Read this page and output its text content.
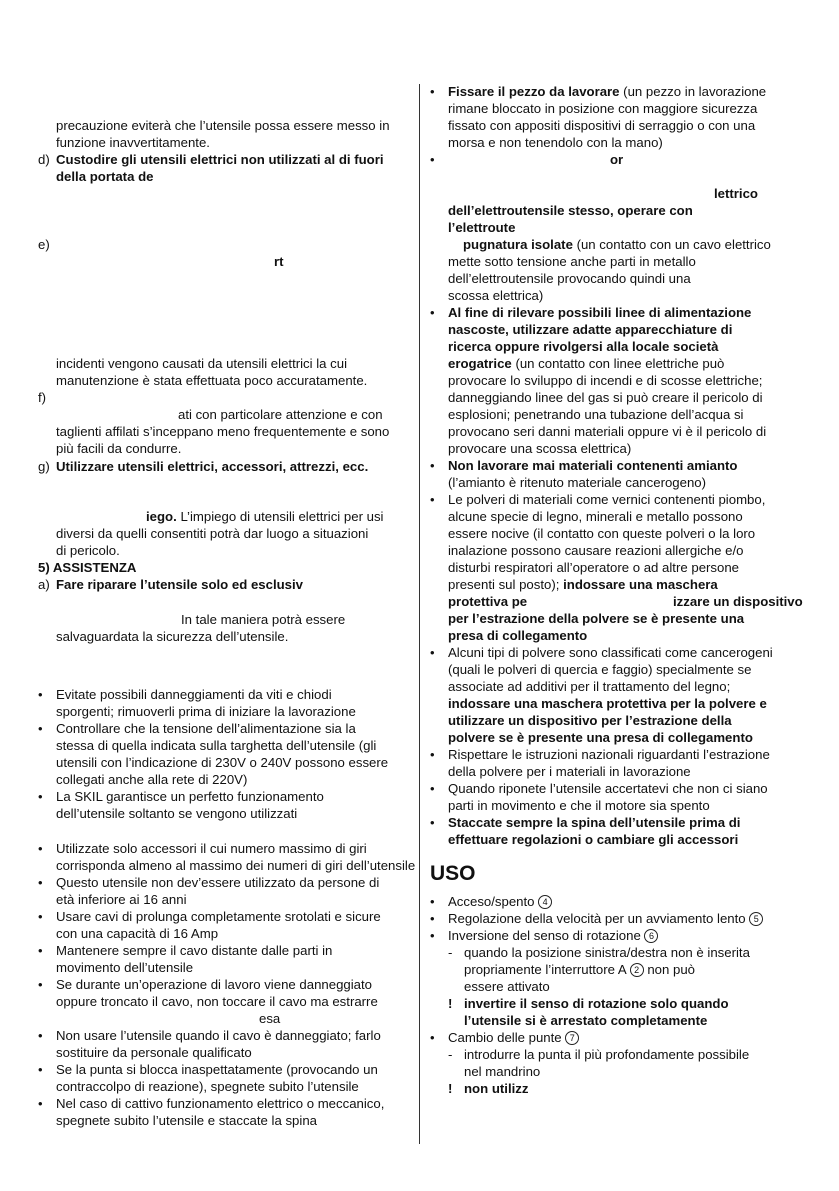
precauzione eviterà che l’utensile possa essere messo in
funzione inavvertitamente.
d) Custodire gli utensili elettrici non utilizzati al di fuori
della portata de
e)
rt
incidenti vengono causati da utensili elettrici la cui
manutenzione è stata effettuata poco accuratamente.
f)
ati con particolare attenzione e con
taglienti affilati s’inceppano meno frequentemente e sono
più facili da condurre.
g) Utilizzare utensili elettrici, accessori, attrezzi, ecc.
iego. L’impiego di utensili elettrici per usi
diversi da quelli consentiti potrà dar luogo a situazioni
di pericolo.
5) ASSISTENZA
a) Fare riparare l’utensile solo ed esclusiv
In tale maniera potrà essere
salvaguardata la sicurezza dell’utensile.
• Evitate possibili danneggiamenti da viti e chiodi
sporgenti; rimuoverli prima di iniziare la lavorazione
• Controllare che la tensione dell’alimentazione sia la
stessa di quella indicata sulla targhetta dell’utensile (gli
utensili con l’indicazione di 230V o 240V possono essere
collegati anche alla rete di 220V)
• La SKIL garantisce un perfetto funzionamento
dell’utensile soltanto se vengono utilizzati
• Utilizzate solo accessori il cui numero massimo di giri
corrisponda almeno al massimo dei numeri di giri dell’utensile
• Questo utensile non dev’essere utilizzato da persone di
età inferiore ai 16 anni
• Usare cavi di prolunga completamente srotolati e sicure
con una capacità di 16 Amp
• Mantenere sempre il cavo distante dalle parti in
movimento dell’utensile
• Se durante un’operazione di lavoro viene danneggiato
oppure troncato il cavo, non toccare il cavo ma estrarre
esa
• Non usare l’utensile quando il cavo è danneggiato; farlo
sostituire da personale qualificato
• Se la punta si blocca inaspettatamente (provocando un
contraccolpo di reazione), spegnete subito l’utensile
• Nel caso di cattivo funzionamento elettrico o meccanico,
spegnete subito l’utensile e staccate la spina
• Fissare il pezzo da lavorare (un pezzo in lavorazione
rimane bloccato in posizione con maggiore sicurezza
fissato con appositi dispositivi di serraggio o con una
morsa e non tenendolo con la mano)
•	or
lettrico
dell’elettroutensile stesso, operare con
l’elettroute
pugnatura isolate (un contatto con un cavo elettrico
mette sotto tensione anche parti in metallo
dell’elettroutensile provocando quindi una
scossa elettrica)
• Al fine di rilevare possibili linee di alimentazione
nascoste, utilizzare adatte apparecchiature di
ricerca oppure rivolgersi alla locale società
erogatrice (un contatto con linee elettriche può
provocare lo sviluppo di incendi e di scosse elettriche;
danneggiando linee del gas si può creare il pericolo di
esplosioni; penetrando una tubazione dell’acqua si
provocano seri danni materiali oppure vi è il pericolo di
provocare una scossa elettrica)
• Non lavorare mai materiali contenenti amianto
(l’amianto è ritenuto materiale cancerogeno)
• Le polveri di materiali come vernici contenenti piombo,
alcune specie di legno, minerali e metallo possono
essere nocive (il contatto con queste polveri o la loro
inalazione possono causare reazioni allergiche e/o
disturbi respiratori all’operatore o ad altre persone
presenti sul posto); indossare una maschera
protettiva pe	izzare un dispositivo
per l’estrazione della polvere se è presente una
presa di collegamento
• Alcuni tipi di polvere sono classificati come cancerogeni
(quali le polveri di quercia e faggio) specialmente se
associate ad additivi per il trattamento del legno;
indossare una maschera protettiva per la polvere e
utilizzare un dispositivo per l’estrazione della
polvere se è presente una presa di collegamento
• Rispettare le istruzioni nazionali riguardanti l’estrazione
della polvere per i materiali in lavorazione
• Quando riponete l’utensile accertatevi che non ci siano
parti in movimento e che il motore sia spento
• Staccate sempre la spina dell’utensile prima di
effettuare regolazioni o cambiare gli accessori
USO
• Acceso/spento 4
• Regolazione della velocità per un avviamento lento 5
• Inversione del senso di rotazione 6
- quando la posizione sinistra/destra non è inserita
propriamente l’interruttore A 2 non può
essere attivato
! invertire il senso di rotazione solo quando
l’utensile si è arrestato completamente
• Cambio delle punte 7
- introdurre la punta il più profondamente possibile
nel mandrino
! non utilizz
